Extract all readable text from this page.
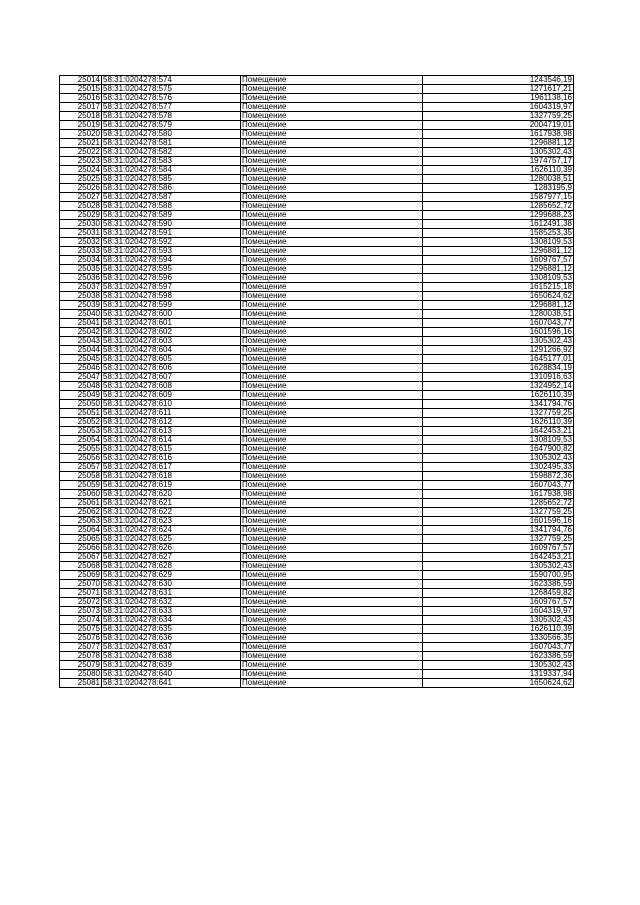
25014	58:31:0204278:574	Помещение	1243546,19
25015	58:31:0204278:575	Помещение	1271617,21
25016	58:31:0204278:576	Помещение	1961138,16
25017	58:31:0204278:577	Помещение	1604319,97
25018	58:31:0204278:578	Помещение	1327759,25
25019	58:31:0204278:579	Помещение	2004719,01
25020	58:31:0204278:580	Помещение	1617938,98
25021	58:31:0204278:581	Помещение	1296881,12
25022	58:31:0204278:582	Помещение	1305302,43
25023	58:31:0204278:583	Помещение	1974757,17
25024	58:31:0204278:584	Помещение	1626110,39
25025	58:31:0204278:585	Помещение	1280038,51
25026	58:31:0204278:586	Помещение	1283195,9
25027	58:31:0204278:587	Помещение	1587977,15
25028	58:31:0204278:588	Помещение	1285652,72
25029	58:31:0204278:589	Помещение	1299688,23
25030	58:31:0204278:590	Помещение	1612491,38
25031	58:31:0204278:591	Помещение	1585253,35
25032	58:31:0204278:592	Помещение	1308109,53
25033	58:31:0204278:593	Помещение	1296881,12
25034	58:31:0204278:594	Помещение	1609767,57
25035	58:31:0204278:595	Помещение	1296881,12
25036	58:31:0204278:596	Помещение	1308109,53
25037	58:31:0204278:597	Помещение	1615215,18
25038	58:31:0204278:598	Помещение	1650624,62
25039	58:31:0204278:599	Помещение	1296881,12
25040	58:31:0204278:600	Помещение	1280038,51
25041	58:31:0204278:601	Помещение	1607043,77
25042	58:31:0204278:602	Помещение	1601596,16
25043	58:31:0204278:603	Помещение	1305302,43
25044	58:31:0204278:604	Помещение	1291266,92
25045	58:31:0204278:605	Помещение	1645177,01
25046	58:31:0204278:606	Помещение	1628834,19
25047	58:31:0204278:607	Помещение	1310916,63
25048	58:31:0204278:608	Помещение	1324952,14
25049	58:31:0204278:609	Помещение	1626110,39
25050	58:31:0204278:610	Помещение	1341794,76
25051	58:31:0204278:611	Помещение	1327759,25
25052	58:31:0204278:612	Помещение	1626110,39
25053	58:31:0204278:613	Помещение	1642453,21
25054	58:31:0204278:614	Помещение	1308109,53
25055	58:31:0204278:615	Помещение	1647900,82
25056	58:31:0204278:616	Помещение	1305302,43
25057	58:31:0204278:617	Помещение	1302495,33
25058	58:31:0204278:618	Помещение	1598872,36
25059	58:31:0204278:619	Помещение	1607043,77
25060	58:31:0204278:620	Помещение	1617938,98
25061	58:31:0204278:621	Помещение	1285652,72
25062	58:31:0204278:622	Помещение	1327759,25
25063	58:31:0204278:623	Помещение	1601596,16
25064	58:31:0204278:624	Помещение	1341794,76
25065	58:31:0204278:625	Помещение	1327759,25
25066	58:31:0204278:626	Помещение	1609767,57
25067	58:31:0204278:627	Помещение	1642453,21
25068	58:31:0204278:628	Помещение	1305302,43
25069	58:31:0204278:629	Помещение	1590700,95
25070	58:31:0204278:630	Помещение	1623386,59
25071	58:31:0204278:631	Помещение	1268459,82
25072	58:31:0204278:632	Помещение	1609767,57
25073	58:31:0204278:633	Помещение	1604319,97
25074	58:31:0204278:634	Помещение	1305302,43
25075	58:31:0204278:635	Помещение	1626110,39
25076	58:31:0204278:636	Помещение	1330566,35
25077	58:31:0204278:637	Помещение	1607043,77
25078	58:31:0204278:638	Помещение	1623386,59
25079	58:31:0204278:639	Помещение	1305302,43
25080	58:31:0204278:640	Помещение	1319337,94
25081	58:31:0204278:641	Помещение	1650624,62
